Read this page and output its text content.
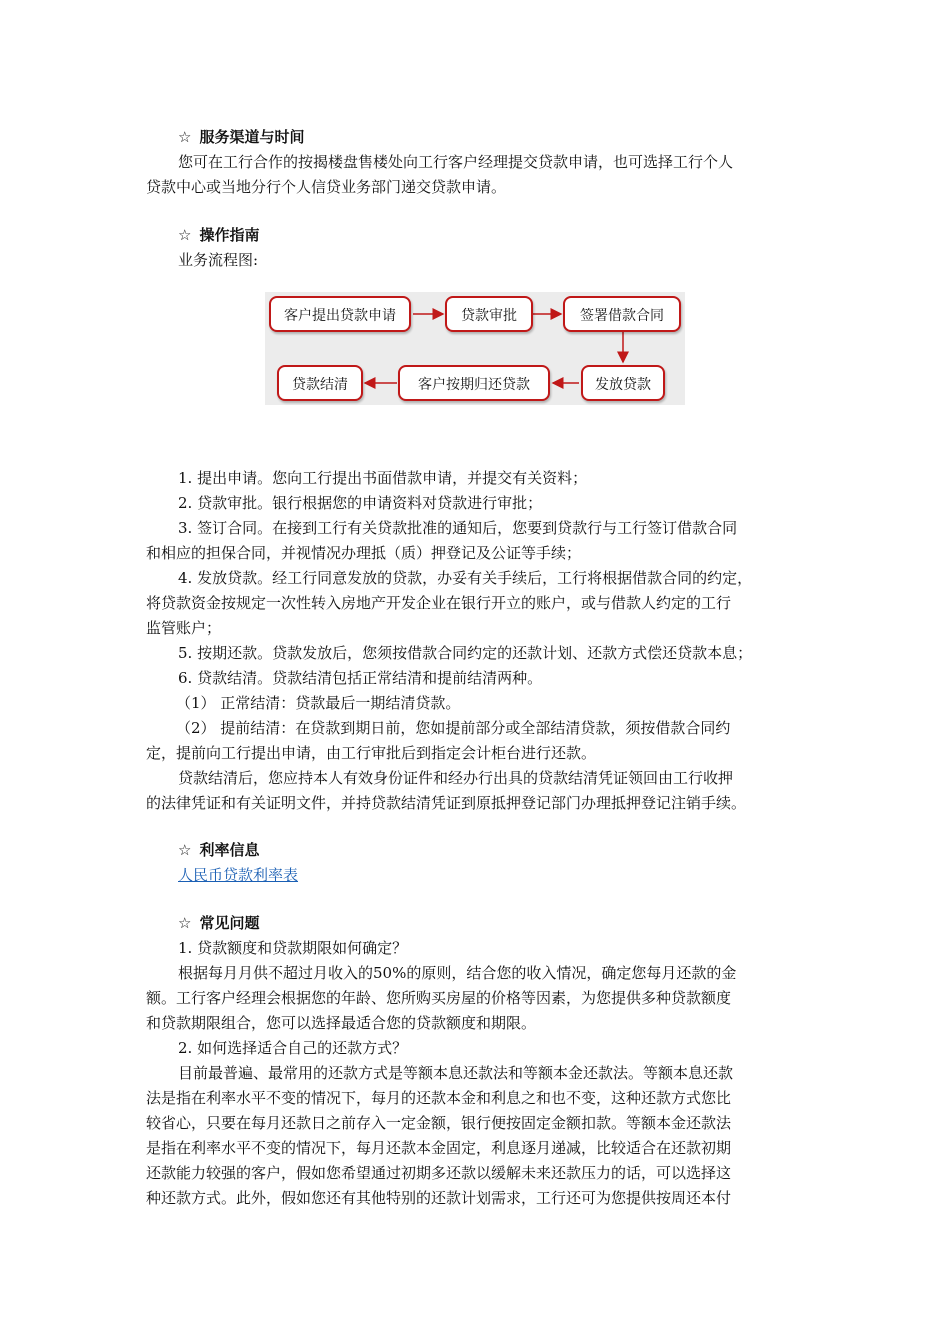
☆ 服务渠道与时间
您可在工行合作的按揭楼盘售楼处向工行客户经理提交贷款申请，也可选择工行个人
贷款中心或当地分行个人信贷业务部门递交贷款申请。
☆ 操作指南
业务流程图:
客户提出贷款申请	贷款审批	签署借款合同
发放贷款
客户按期归还贷款
贷款结清
1. 提出申请。您向工行提出书面借款申请，并提交有关资料；
2. 贷款审批。银行根据您的申请资料对贷款进行审批；
3. 签订合同。在接到工行有关贷款批准的通知后，您要到贷款行与工行签订借款合同
和相应的担保合同，并视情况办理抵（质）押登记及公证等手续；
4. 发放贷款。经工行同意发放的贷款，办妥有关手续后，工行将根据借款合同的约定，
将贷款资金按规定一次性转入房地产开发企业在银行开立的账户，或与借款人约定的工行
监管账户；
5. 按期还款。贷款发放后，您须按借款合同约定的还款计划、还款方式偿还贷款本息；
6. 贷款结清。贷款结清包括正常结清和提前结清两种。
（1） 正常结清：贷款最后一期结清贷款。
（2） 提前结清：在贷款到期日前，您如提前部分或全部结清贷款，须按借款合同约
定，提前向工行提出申请，由工行审批后到指定会计柜台进行还款。
贷款结清后，您应持本人有效身份证件和经办行出具的贷款结清凭证领回由工行收押
的法律凭证和有关证明文件，并持贷款结清凭证到原抵押登记部门办理抵押登记注销手续。
☆ 利率信息
人民币贷款利率表
☆ 常见问题
1. 贷款额度和贷款期限如何确定？
根据每月月供不超过月收入的50%的原则，结合您的收入情况，确定您每月还款的金
额。工行客户经理会根据您的年龄、您所购买房屋的价格等因素，为您提供多种贷款额度
和贷款期限组合，您可以选择最适合您的贷款额度和期限。
2. 如何选择适合自己的还款方式？
目前最普遍、最常用的还款方式是等额本息还款法和等额本金还款法。等额本息还款
法是指在利率水平不变的情况下，每月的还款本金和利息之和也不变，这种还款方式您比
较省心，只要在每月还款日之前存入一定金额，银行便按固定金额扣款。等额本金还款法
是指在利率水平不变的情况下，每月还款本金固定，利息逐月递减，比较适合在还款初期
还款能力较强的客户，假如您希望通过初期多还款以缓解未来还款压力的话，可以选择这
种还款方式。此外，假如您还有其他特别的还款计划需求，工行还可为您提供按周还本付
